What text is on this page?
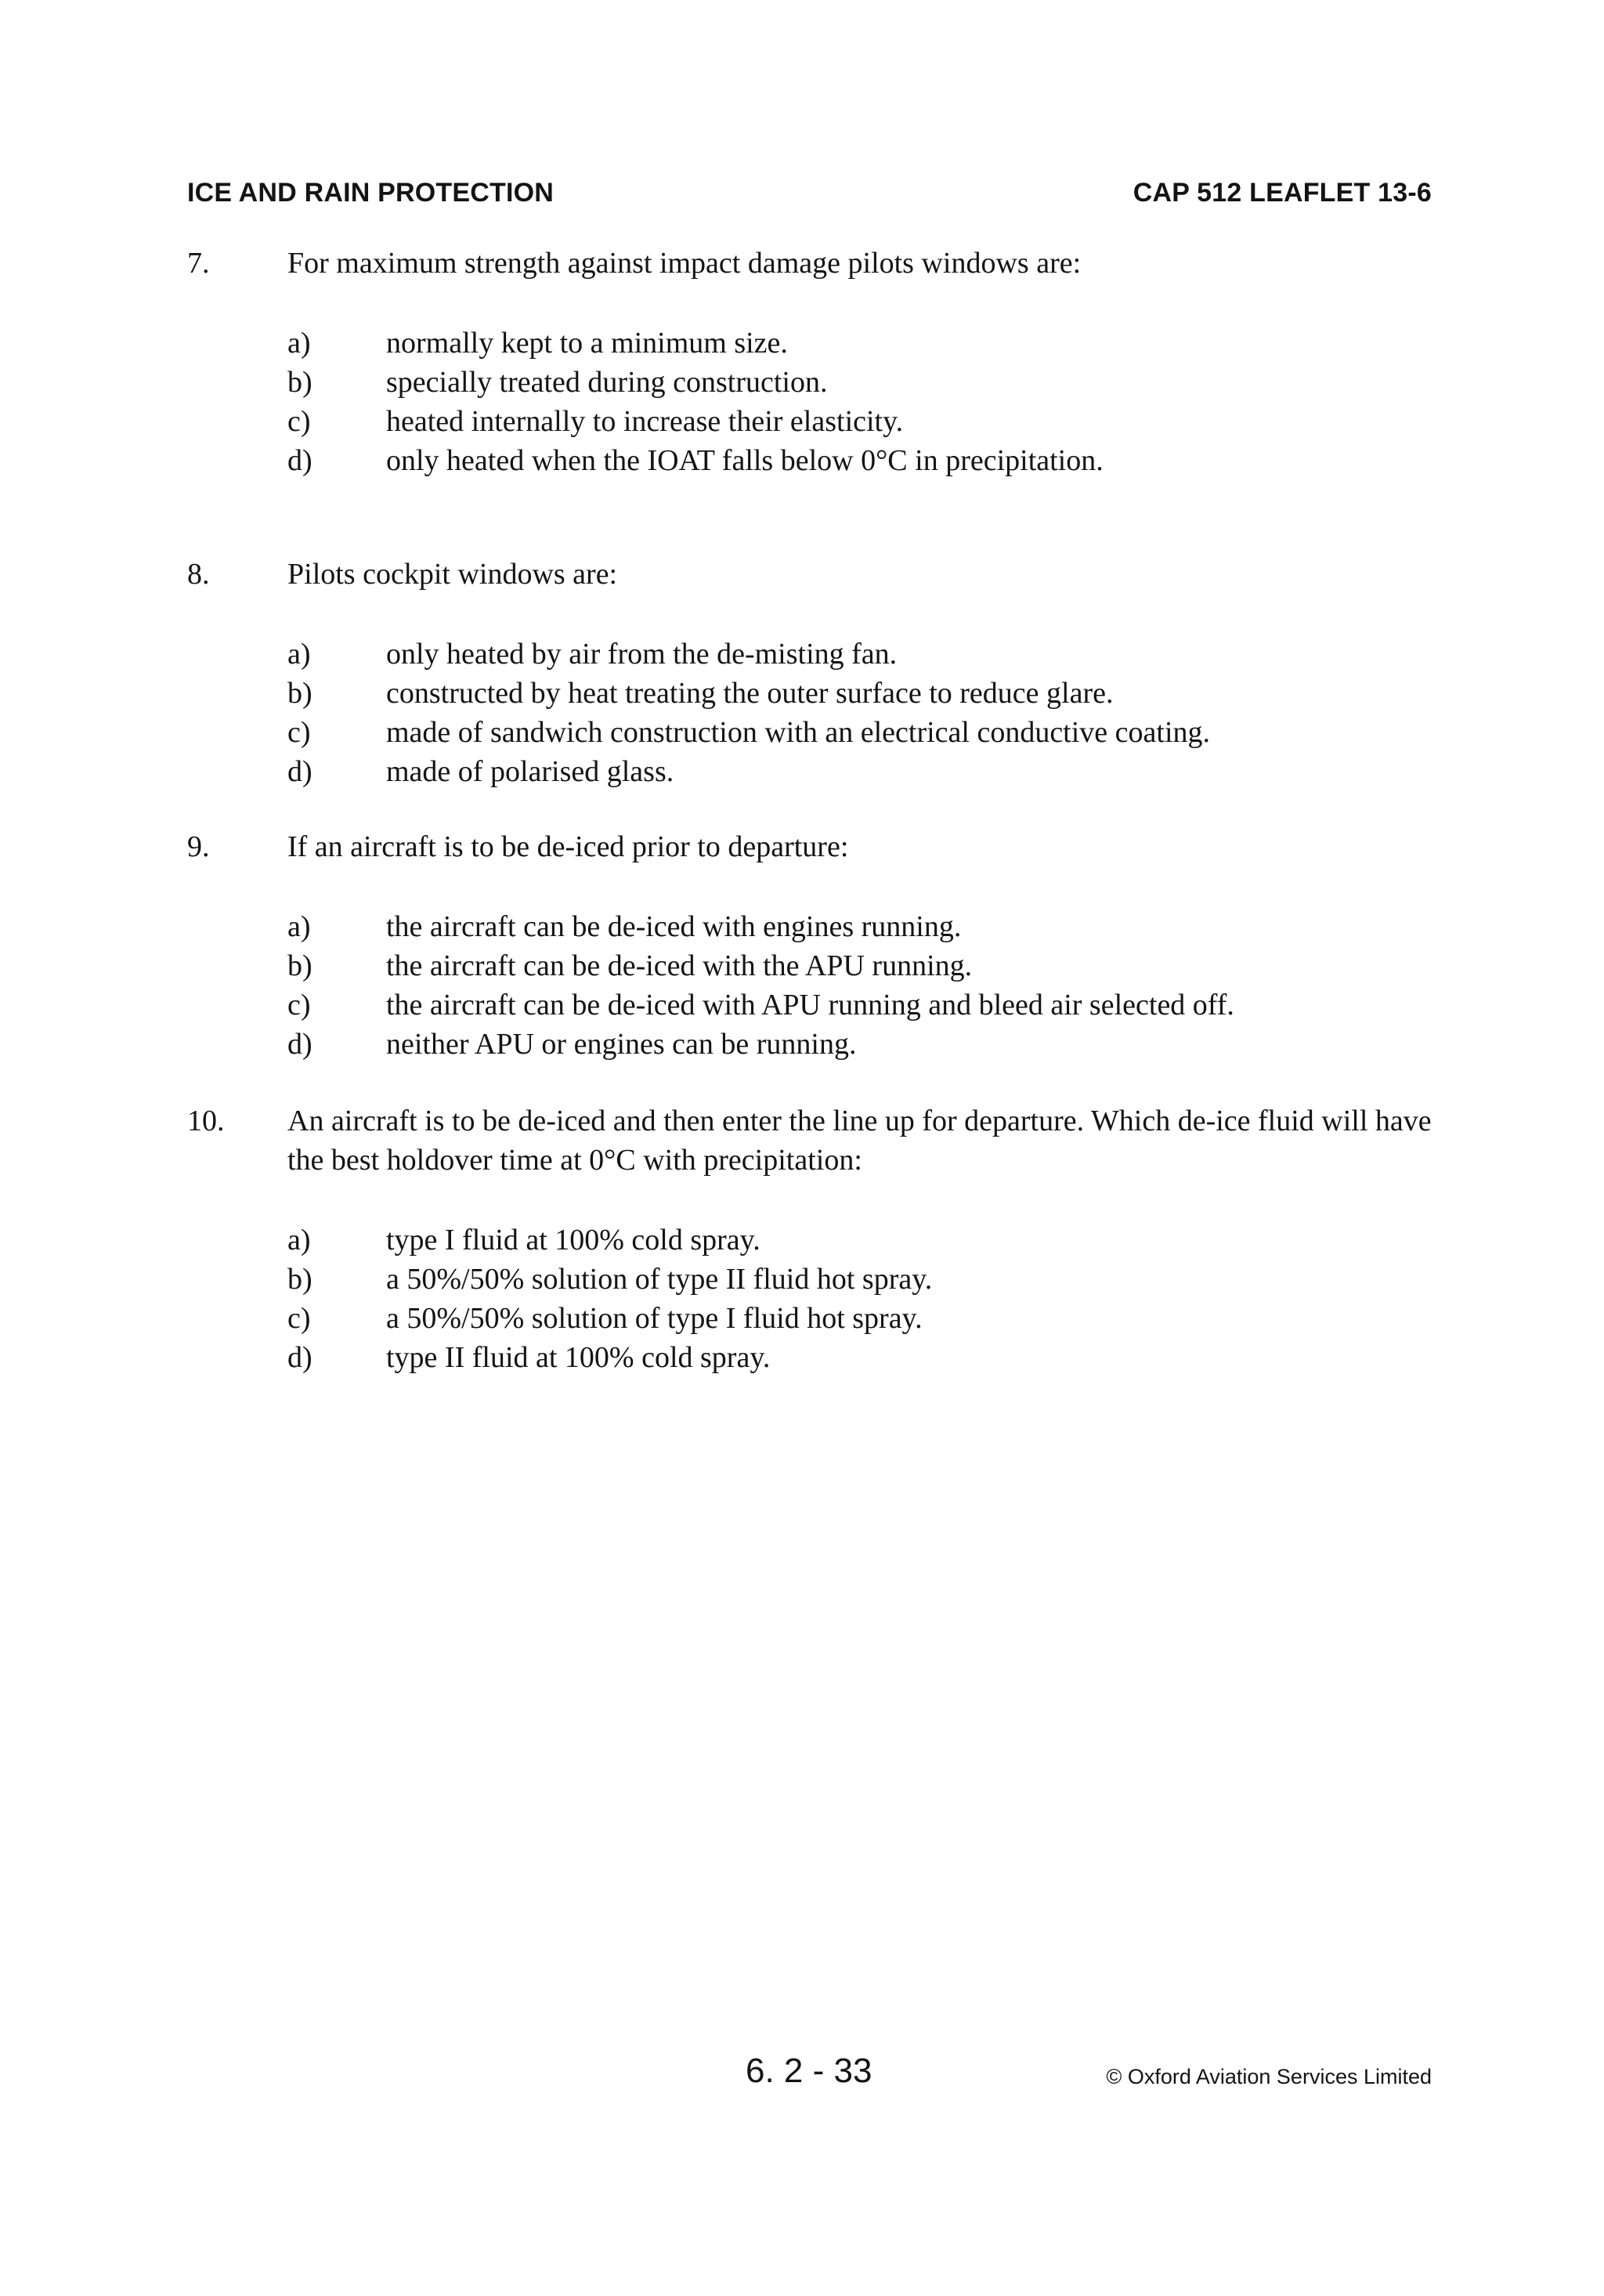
ICE AND RAIN PROTECTION	CAP 512 LEAFLET 13-6
7.	For maximum strength against impact damage pilots windows are:

a)	normally kept to a minimum size.
b) specially treated during construction.
c)	heated internally to increase their elasticity.
d) only heated when the IOAT falls below 0°C in precipitation.
8.	Pilots cockpit windows are:

a)	only heated by air from the de-misting fan.
b) constructed by heat treating the outer surface to reduce glare.
c)	made of sandwich construction with an electrical conductive coating.
d) made of polarised glass.
9.	If an aircraft is to be de-iced prior to departure:

a)	the aircraft can be de-iced with engines running.
b) the aircraft can be de-iced with the APU running.
c)	the aircraft can be de-iced with APU running and bleed air selected off.
d) neither APU or engines can be running.
10. An aircraft is to be de-iced and then enter the line up for departure. Which de-ice fluid will have the best holdover time at 0°C with precipitation:

a)	type I fluid at 100% cold spray.
b) a 50%/50% solution of type II fluid hot spray.
c)	a 50%/50% solution of type I fluid hot spray.
d) type II fluid at 100% cold spray.
6. 2 - 33	© Oxford Aviation Services Limited
